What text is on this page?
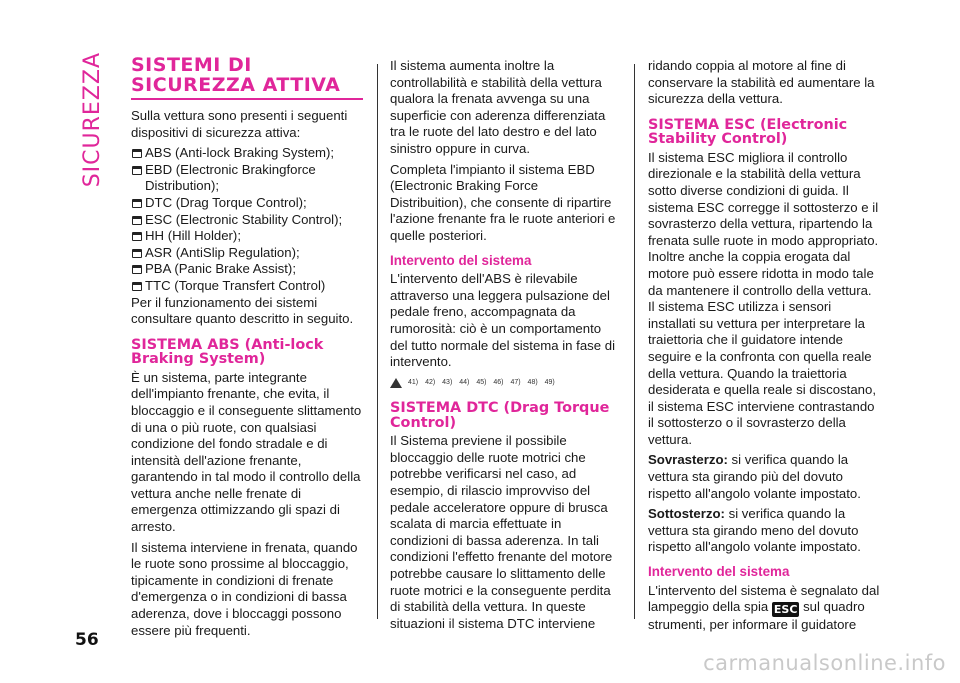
SICUREZZA
56
carmanualsonline.info
SISTEMI DI
SICUREZZA ATTIVA

Sulla vettura sono presenti i seguenti dispositivi di sicurezza attiva:

ABS (Anti-lock Braking System);
EBD (Electronic Brakingforce Distribution);
DTC (Drag Torque Control);
ESC (Electronic Stability Control);
HH (Hill Holder);
ASR (AntiSlip Regulation);
PBA (Panic Brake Assist);
TTC (Torque Transfert Control)

Per il funzionamento dei sistemi consultare quanto descritto in seguito.

SISTEMA ABS (Anti-lock Braking System)

È un sistema, parte integrante dell'impianto frenante, che evita, il bloccaggio e il conseguente slittamento di una o più ruote, con qualsiasi condizione del fondo stradale e di intensità dell'azione frenante, garantendo in tal modo il controllo della vettura anche nelle frenate di emergenza ottimizzando gli spazi di arresto.

Il sistema interviene in frenata, quando le ruote sono prossime al bloccaggio, tipicamente in condizioni di frenate d'emergenza o in condizioni di bassa aderenza, dove i bloccaggi possono essere più frequenti.

Il sistema aumenta inoltre la controllabilità e stabilità della vettura qualora la frenata avvenga su una superficie con aderenza differenziata tra le ruote del lato destro e del lato sinistro oppure in curva.

Completa l'impianto il sistema EBD (Electronic Braking Force Distribuition), che consente di ripartire l'azione frenante fra le ruote anteriori e quelle posteriori.

Intervento del sistema

L'intervento dell'ABS è rilevabile attraverso una leggera pulsazione del pedale freno, accompagnata da rumorosità: ciò è un comportamento del tutto normale del sistema in fase di intervento.

41) 42) 43) 44) 45) 46) 47) 48) 49)
SISTEMA DTC (Drag Torque Control)

Il Sistema previene il possibile bloccaggio delle ruote motrici che potrebbe verificarsi nel caso, ad esempio, di rilascio improvviso del pedale acceleratore oppure di brusca scalata di marcia effettuate in condizioni di bassa aderenza. In tali condizioni l'effetto frenante del motore potrebbe causare lo slittamento delle ruote motrici e la conseguente perdita di stabilità della vettura. In queste situazioni il sistema DTC interviene

ridando coppia al motore al fine di conservare la stabilità ed aumentare la sicurezza della vettura.

SISTEMA ESC (Electronic Stability Control)

Il sistema ESC migliora il controllo direzionale e la stabilità della vettura sotto diverse condizioni di guida. Il sistema ESC corregge il sottosterzo e il sovrasterzo della vettura, ripartendo la frenata sulle ruote in modo appropriato. Inoltre anche la coppia erogata dal motore può essere ridotta in modo tale da mantenere il controllo della vettura. Il sistema ESC utilizza i sensori installati su vettura per interpretare la traiettoria che il guidatore intende seguire e la confronta con quella reale della vettura. Quando la traiettoria desiderata e quella reale si discostano, il sistema ESC interviene contrastando il sottosterzo o il sovrasterzo della vettura.

Sovrasterzo: si verifica quando la vettura sta girando più del dovuto rispetto all'angolo volante impostato.

Sottosterzo: si verifica quando la vettura sta girando meno del dovuto rispetto all'angolo volante impostato.

Intervento del sistema

L'intervento del sistema è segnalato dal lampeggio della spia ESC sul quadro strumenti, per informare il guidatore
